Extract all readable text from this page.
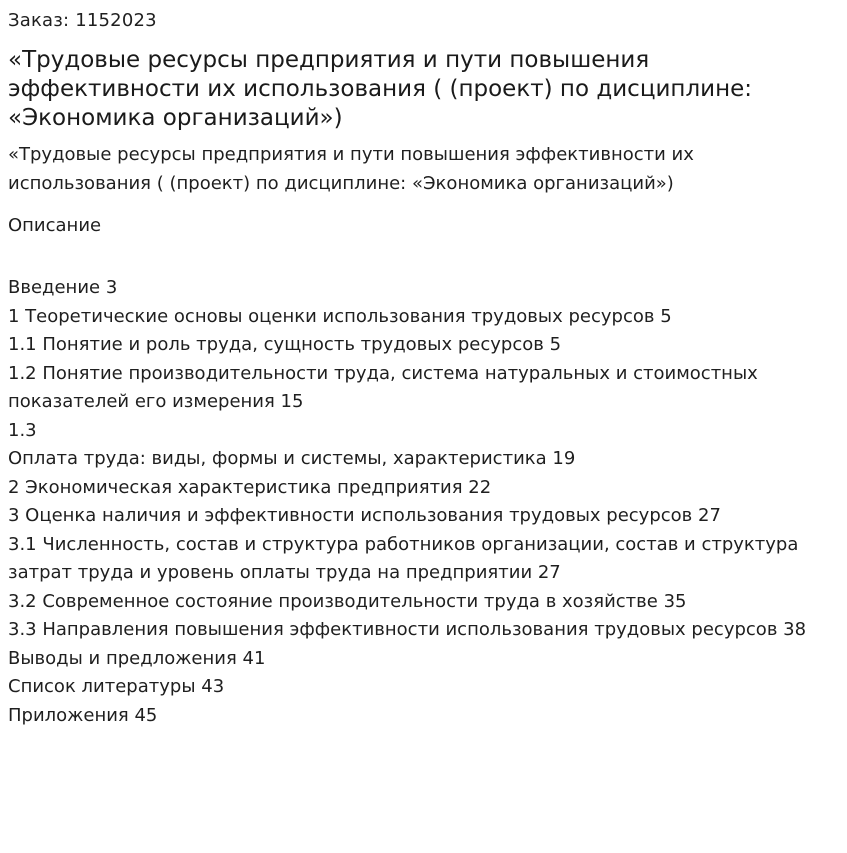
Заказ: 1152023

«Трудовые ресурсы предприятия и пути повышения эффективности их использования ( (проект) по дисциплине: «Экономика организаций»)

«Трудовые ресурсы предприятия и пути повышения эффективности их использования ( (проект) по дисциплине: «Экономика организаций»)

Описание

Введение 3
1 Теоретические основы оценки использования трудовых ресурсов 5
1.1 Понятие и роль труда, сущность трудовых ресурсов 5
1.2 Понятие производительности труда, система натуральных и стоимостных показателей его измерения 15
1.3
Оплата труда: виды, формы и системы, характеристика 19
2 Экономическая характеристика предприятия 22
3 Оценка наличия и эффективности использования трудовых ресурсов 27
3.1 Численность, состав и структура работников организации, состав и структура затрат труда и уровень оплаты труда на предприятии 27
3.2 Современное состояние производительности труда в хозяйстве 35
3.3 Направления повышения эффективности использования трудовых ресурсов 38
Выводы и предложения 41
Список литературы 43
Приложения 45
